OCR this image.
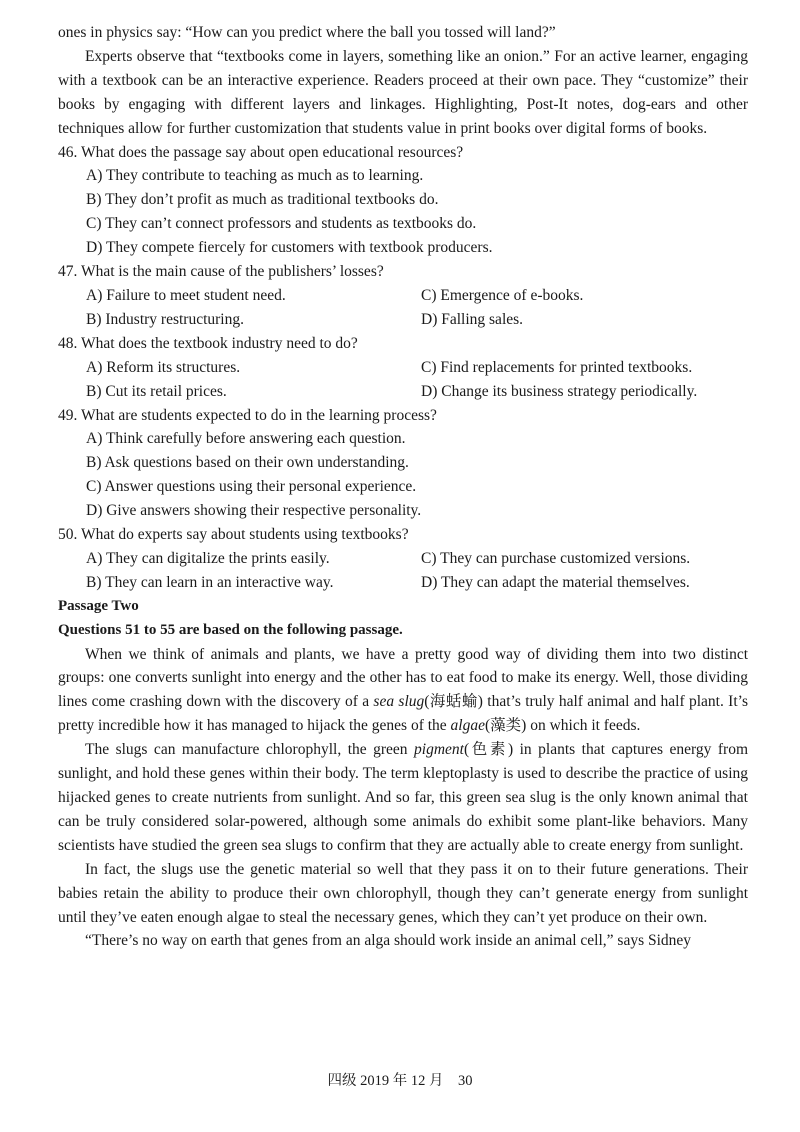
ones in physics say: “How can you predict where the ball you tossed will land?”

Experts observe that “textbooks come in layers, something like an onion.” For an active learner, engaging with a textbook can be an interactive experience. Readers proceed at their own pace. They “customize” their books by engaging with different layers and linkages. Highlighting, Post-It notes, dog-ears and other techniques allow for further customization that students value in print books over digital forms of books.

46. What does the passage say about open educational resources?
A) They contribute to teaching as much as to learning.
B) They don’t profit as much as traditional textbooks do.
C) They can’t connect professors and students as textbooks do.
D) They compete fiercely for customers with textbook producers.
47. What is the main cause of the publishers’ losses?
A) Failure to meet student need.	C) Emergence of e-books.
B) Industry restructuring.	D) Falling sales.
48. What does the textbook industry need to do?
A) Reform its structures.	C) Find replacements for printed textbooks.
B) Cut its retail prices.	D) Change its business strategy periodically.
49. What are students expected to do in the learning process?
A) Think carefully before answering each question.
B) Ask questions based on their own understanding.
C) Answer questions using their personal experience.
D) Give answers showing their respective personality.
50. What do experts say about students using textbooks?
A) They can digitalize the prints easily.	C) They can purchase customized versions.
B) They can learn in an interactive way.	D) They can adapt the material themselves.
Passage Two
Questions 51 to 55 are based on the following passage.

When we think of animals and plants, we have a pretty good way of dividing them into two distinct groups: one converts sunlight into energy and the other has to eat food to make its energy. Well, those dividing lines come crashing down with the discovery of a sea slug(海蛞蝓) that’s truly half animal and half plant. It’s pretty incredible how it has managed to hijack the genes of the algae(藻类) on which it feeds.

The slugs can manufacture chlorophyll, the green pigment(色素) in plants that captures energy from sunlight, and hold these genes within their body. The term kleptoplasty is used to describe the practice of using hijacked genes to create nutrients from sunlight. And so far, this green sea slug is the only known animal that can be truly considered solar-powered, although some animals do exhibit some plant-like behaviors. Many scientists have studied the green sea slugs to confirm that they are actually able to create energy from sunlight.

In fact, the slugs use the genetic material so well that they pass it on to their future generations. Their babies retain the ability to produce their own chlorophyll, though they can’t generate energy from sunlight until they’ve eaten enough algae to steal the necessary genes, which they can’t yet produce on their own.

“There’s no way on earth that genes from an alga should work inside an animal cell,” says Sidney

四级 2019 年 12 月　30
